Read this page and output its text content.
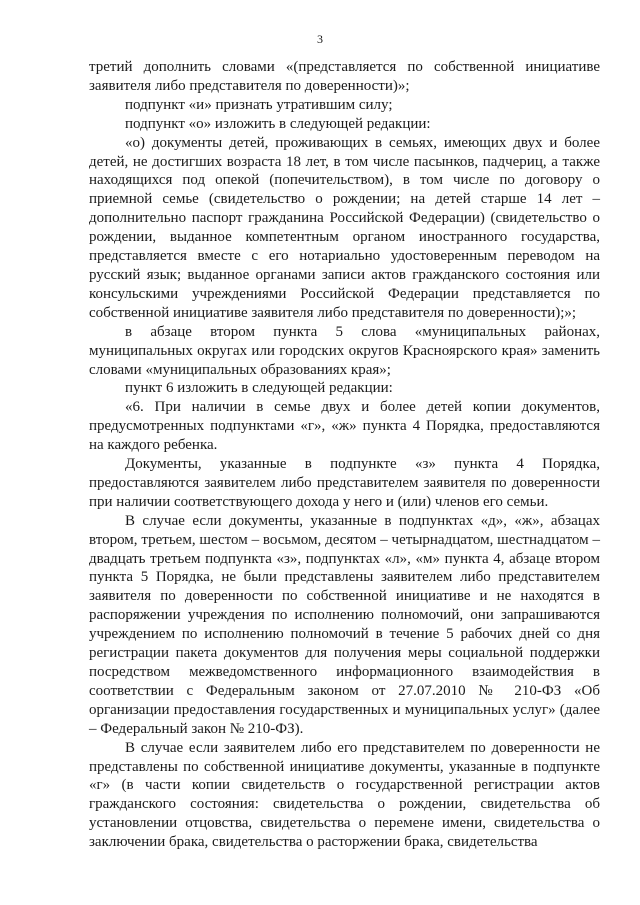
3

третий дополнить словами «(представляется по собственной инициативе заявителя либо представителя по доверенности)»;

подпункт «и» признать утратившим силу;

подпункт «о» изложить в следующей редакции:

«о) документы детей, проживающих в семьях, имеющих двух и более детей, не достигших возраста 18 лет, в том числе пасынков, падчериц, а также находящихся под опекой (попечительством), в том числе по договору о приемной семье (свидетельство о рождении; на детей старше 14 лет – дополнительно паспорт гражданина Российской Федерации) (свидетельство о рождении, выданное компетентным органом иностранного государства, представляется вместе с его нотариально удостоверенным переводом на русский язык; выданное органами записи актов гражданского состояния или консульскими учреждениями Российской Федерации представляется по собственной инициативе заявителя либо представителя по доверенности);»;

в абзаце втором пункта 5 слова «муниципальных районах, муниципальных округах или городских округов Красноярского края» заменить словами «муниципальных образованиях края»;

пункт 6 изложить в следующей редакции:

«6. При наличии в семье двух и более детей копии документов, предусмотренных подпунктами «г», «ж» пункта 4 Порядка, предоставляются на каждого ребенка.

Документы, указанные в подпункте «з» пункта 4 Порядка, предоставляются заявителем либо представителем заявителя по доверенности при наличии соответствующего дохода у него и (или) членов его семьи.

В случае если документы, указанные в подпунктах «д», «ж», абзацах втором, третьем, шестом – восьмом, десятом – четырнадцатом, шестнадцатом – двадцать третьем подпункта «з», подпунктах «л», «м» пункта 4, абзаце втором пункта 5 Порядка, не были представлены заявителем либо представителем заявителя по доверенности по собственной инициативе и не находятся в распоряжении учреждения по исполнению полномочий, они запрашиваются учреждением по исполнению полномочий в течение 5 рабочих дней со дня регистрации пакета документов для получения меры социальной поддержки посредством межведомственного информационного взаимодействия в соответствии с Федеральным законом от 27.07.2010 № 210-ФЗ «Об организации предоставления государственных и муниципальных услуг» (далее – Федеральный закон № 210-ФЗ).

В случае если заявителем либо его представителем по доверенности не представлены по собственной инициативе документы, указанные в подпункте «г» (в части копии свидетельств о государственной регистрации актов гражданского состояния: свидетельства о рождении, свидетельства об установлении отцовства, свидетельства о перемене имени, свидетельства о заключении брака, свидетельства о расторжении брака, свидетельства
